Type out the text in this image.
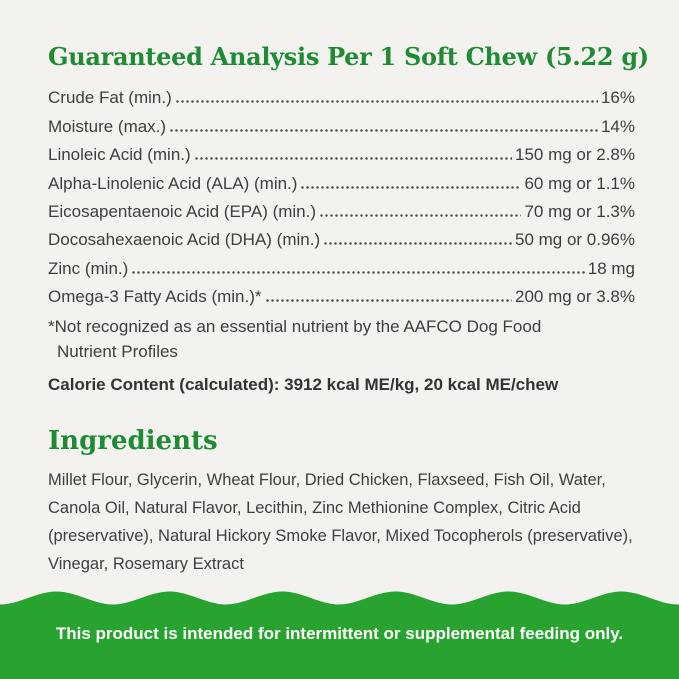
Guaranteed Analysis Per 1 Soft Chew (5.22 g)
Crude Fat (min.)	16%
Moisture (max.)	14%
Linoleic Acid (min.)	150 mg or 2.8%
Alpha-Linolenic Acid (ALA) (min.)	60 mg or 1.1%
Eicosapentaenoic Acid (EPA) (min.)	70 mg or 1.3%
Docosahexaenoic Acid (DHA) (min.)	50 mg or 0.96%
Zinc (min.)	18 mg
Omega-3 Fatty Acids (min.)*	200 mg or 3.8%

*Not recognized as an essential nutrient by the AAFCO Dog Food Nutrient Profiles

Calorie Content (calculated): 3912 kcal ME/kg, 20 kcal ME/chew

Ingredients

Millet Flour, Glycerin, Wheat Flour, Dried Chicken, Flaxseed, Fish Oil, Water, Canola Oil, Natural Flavor, Lecithin, Zinc Methionine Complex, Citric Acid (preservative), Natural Hickory Smoke Flavor, Mixed Tocopherols (preservative), Vinegar, Rosemary Extract

This product is intended for intermittent or supplemental feeding only.
